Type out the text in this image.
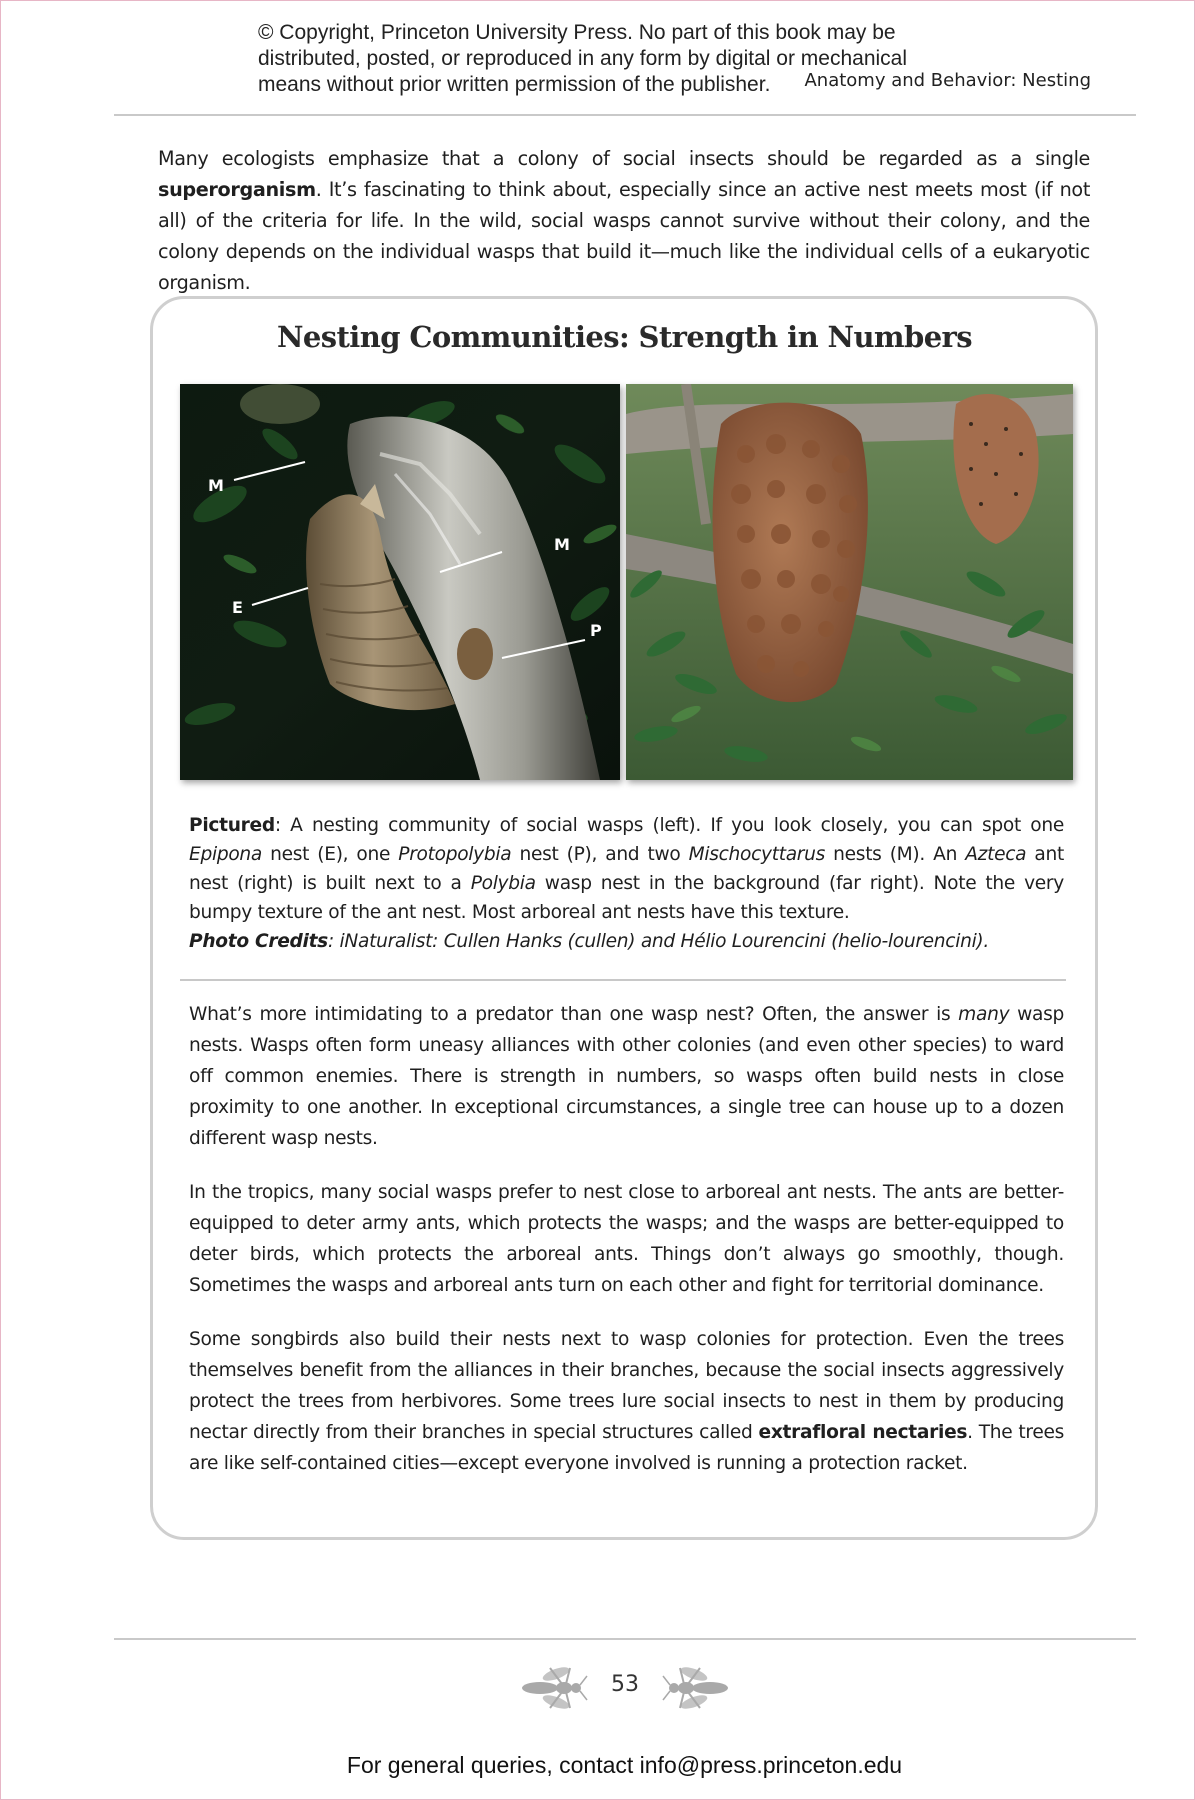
© Copyright, Princeton University Press. No part of this book may be
distributed, posted, or reproduced in any form by digital or mechanical
means without prior written permission of the publisher.	Anatomy and Behavior: Nesting
Many ecologists emphasize that a colony of social insects should be regarded as a single superorganism. It’s fascinating to think about, especially since an active nest meets most (if not all) of the criteria for life. In the wild, social wasps cannot survive without their colony, and the colony depends on the individual wasps that build it—much like the individual cells of a eukaryotic organism.
Nesting Communities: Strength in Numbers
M
E
M
P
Pictured: A nesting community of social wasps (left). If you look closely, you can spot one Epipona nest (E), one Protopolybia nest (P), and two Mischocyttarus nests (M). An Azteca ant nest (right) is built next to a Polybia wasp nest in the background (far right). Note the very bumpy texture of the ant nest. Most arboreal ant nests have this texture.
Photo Credits: iNaturalist: Cullen Hanks (cullen) and Hélio Lourencini (helio-lourencini).
What’s more intimidating to a predator than one wasp nest? Often, the answer is many wasp nests. Wasps often form uneasy alliances with other colonies (and even other species) to ward off common enemies. There is strength in numbers, so wasps often build nests in close proximity to one another. In exceptional circumstances, a single tree can house up to a dozen different wasp nests.
In the tropics, many social wasps prefer to nest close to arboreal ant nests. The ants are better-equipped to deter army ants, which protects the wasps; and the wasps are better-equipped to deter birds, which protects the arboreal ants. Things don’t always go smoothly, though. Sometimes the wasps and arboreal ants turn on each other and fight for territorial dominance.
Some songbirds also build their nests next to wasp colonies for protection. Even the trees themselves benefit from the alliances in their branches, because the social insects aggressively protect the trees from herbivores. Some trees lure social insects to nest in them by producing nectar directly from their branches in special structures called extrafloral nectaries. The trees are like self-contained cities—except everyone involved is running a protection racket.
53
For general queries, contact info@press.princeton.edu
